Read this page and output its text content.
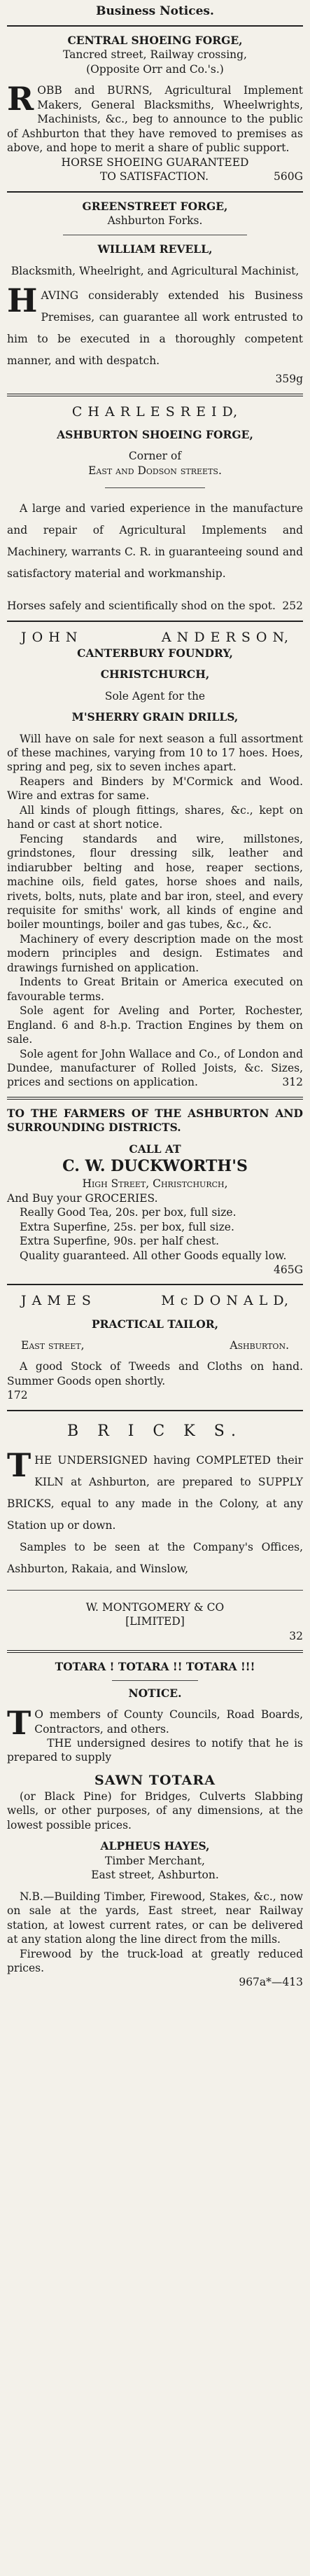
Business Notices.
CENTRAL SHOEING FORGE,
Tancred street, Railway crossing,
(Opposite Orr and Co.'s.)
ROBB and BURNS, Agricultural Implement Makers, General Blacksmiths, Wheelwrights, Machinists, &c., beg to announce to the public of Ashburton that they have removed to premises as above, and hope to merit a share of public support.
HORSE SHOEING GUARANTEED
TO SATISFACTION.	560G
GREENSTREET FORGE,
Ashburton Forks.
WILLIAM REVELL,
Blacksmith, Wheelright, and Agricultural Machinist,
HAVING considerably extended his Business Premises, can guarantee all work entrusted to him to be executed in a thoroughly competent manner, and with despatch.
359g
C H A R L E S R E I D,
ASHBURTON SHOEING FORGE,
Corner of
East and Dodson streets.
A large and varied experience in the manufacture and repair of Agricultural Implements and Machinery, warrants C. R. in guaranteeing sound and satisfactory material and workmanship.
Horses safely and scientifically shod on the spot. 252
J O H N	A N D E R S O N,
CANTERBURY FOUNDRY,
CHRISTCHURCH,
Sole Agent for the
M'SHERRY GRAIN DRILLS,
Will have on sale for next season a full assortment of these machines, varying from 10 to 17 hoes. Hoes, spring and peg, six to seven inches apart.
Reapers and Binders by M'Cormick and Wood. Wire and extras for same.
All kinds of plough fittings, shares, &c., kept on hand or cast at short notice.
Fencing standards and wire, millstones, grindstones, flour dressing silk, leather and indiarubber belting and hose, reaper sections, machine oils, field gates, horse shoes and nails, rivets, bolts, nuts, plate and bar iron, steel, and every requisite for smiths' work, all kinds of engine and boiler mountings, boiler and gas tubes, &c., &c.
Machinery of every description made on the most modern principles and design. Estimates and drawings furnished on application.
Indents to Great Britain or America executed on favourable terms.
Sole agent for Aveling and Porter, Rochester, England. 6 and 8-h.p. Traction Engines by them on sale.
Sole agent for John Wallace and Co., of London and Dundee, manufacturer of Rolled Joists, &c. Sizes, prices and sections on application.	312
TO THE FARMERS OF THE ASHBURTON AND SURROUNDING DISTRICTS.
CALL AT
C. W. DUCKWORTH'S
High Street, Christchurch,
And Buy your GROCERIES.
Really Good Tea, 20s. per box, full size.
Extra Superfine, 25s. per box, full size.
Extra Superfine, 90s. per half chest.
Quality guaranteed. All other Goods equally low.
465G
J A M E S	M c D O N A L D,
PRACTICAL TAILOR,
East street,	Ashburton.
A good Stock of Tweeds and Cloths on hand. Summer Goods open shortly.
172
B R I C K S.
THE UNDERSIGNED having COMPLETED their KILN at Ashburton, are prepared to SUPPLY BRICKS, equal to any made in the Colony, at any Station up or down.
Samples to be seen at the Company's Offices, Ashburton, Rakaia, and Winslow,
W. MONTGOMERY & CO
[LIMITED]
32
TOTARA ! TOTARA !! TOTARA !!!
NOTICE.
T O members of County Councils, Road Boards, Contractors, and others.
THE undersigned desires to notify that he is prepared to supply
SAWN TOTARA
(or Black Pine) for Bridges, Culverts Slabbing wells, or other purposes, of any dimensions, at the lowest possible prices.
ALPHEUS HAYES,
Timber Merchant,
East street, Ashburton.
N.B.—Building Timber, Firewood, Stakes, &c., now on sale at the yards, East street, near Railway station, at lowest current rates, or can be delivered at any station along the line direct from the mills.
Firewood by the truck-load at greatly reduced prices.
967a*—413
